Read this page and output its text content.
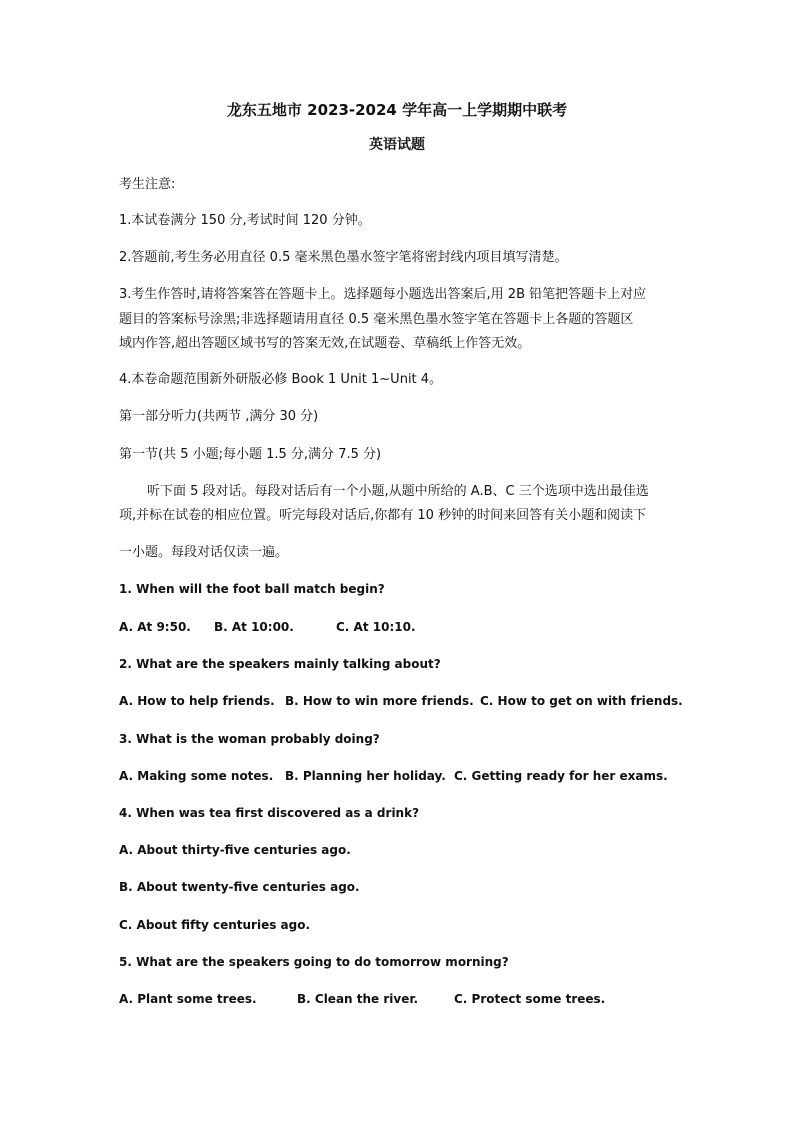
龙东五地市 2023-2024 学年高一上学期期中联考
英语试题
考生注意:
1.本试卷满分 150 分,考试时间 120 分钟。
2.答题前,考生务必用直径 0.5 毫米黑色墨水签字笔将密封线内项目填写清楚。
3.考生作答时,请将答案答在答题卡上。选择题每小题选出答案后,用 2B 铅笔把答题卡上对应
题目的答案标号涂黑;非选择题请用直径 0.5 毫米黑色墨水签字笔在答题卡上各题的答题区
域内作答,超出答题区域书写的答案无效,在试题卷、草稿纸上作答无效。
4.本卷命题范围新外研版必修 Book 1 Unit 1~Unit 4。
第一部分听力(共两节 ,满分 30 分)
第一节(共 5 小题;每小题 1.5 分,满分 7.5 分)
听下面 5 段对话。每段对话后有一个小题,从题中所给的 A.B、C 三个选项中选出最佳选
项,并标在试卷的相应位置。听完每段对话后,你都有 10 秒钟的时间来回答有关小题和阅读下
一小题。每段对话仅读一遍。
1. When will the foot ball match begin?
A. At 9:50. B. At 10:00.	C. At 10:10.
2. What are the speakers mainly talking about?
A. How to help friends. B. How to win more friends. C. How to get on with friends.
3. What is the woman probably doing?
A. Making some notes. B. Planning her holiday. C. Getting ready for her exams.
4. When was tea first discovered as a drink?
A. About thirty-five centuries ago.
B. About twenty-five centuries ago.
C. About fifty centuries ago.
5. What are the speakers going to do tomorrow morning?
A. Plant some trees.	B. Clean the river.	C. Protect some trees.
